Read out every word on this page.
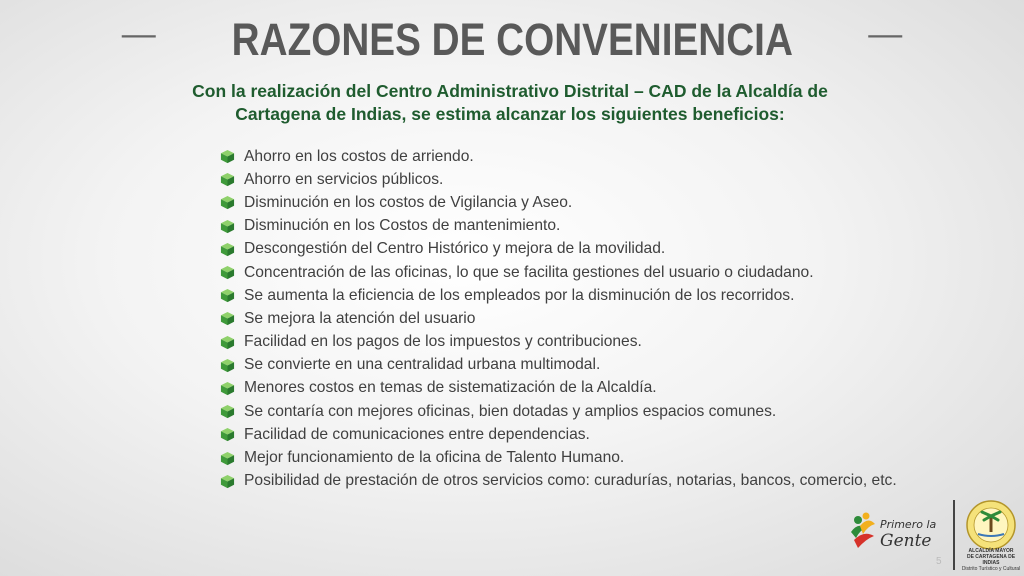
— RAZONES DE CONVENIENCIA —
Con la realización del Centro Administrativo Distrital – CAD de la Alcaldía de
Cartagena de Indias, se estima alcanzar los siguientes beneficios:
Ahorro en los costos de arriendo.
Ahorro en servicios públicos.
Disminución en los costos de Vigilancia y Aseo.
Disminución en los Costos de mantenimiento.
Descongestión del Centro Histórico y mejora de la movilidad.
Concentración de las oficinas, lo que se facilita gestiones del usuario o ciudadano.
Se aumenta la eficiencia de los empleados por la disminución de los recorridos.
Se mejora la atención del usuario
Facilidad en los pagos de los impuestos y contribuciones.
Se convierte en una centralidad urbana multimodal.
Menores costos en temas de sistematización de la Alcaldía.
Se contaría con mejores oficinas, bien dotadas y amplios espacios comunes.
Facilidad de comunicaciones entre dependencias.
Mejor funcionamiento de la oficina de Talento Humano.
Posibilidad de prestación de otros servicios como: curadurías, notarias, bancos, comercio, etc.
Primero la
Gente	ALCALDÍA MAYOR
DE CARTAGENA DE INDIAS
Distrito Turístico y Cultural
5
